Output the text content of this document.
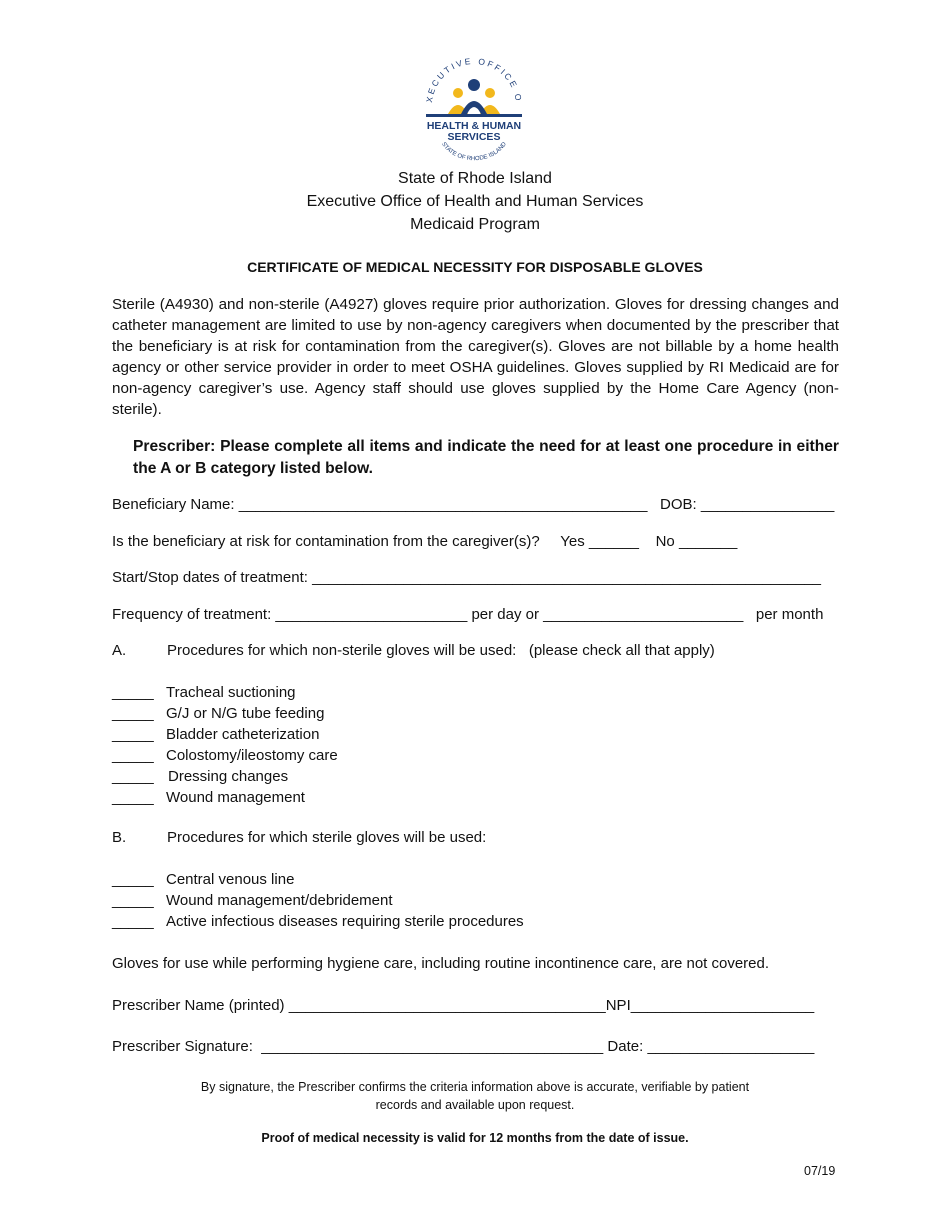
XECUTIVE OFFICE O
HEALTH & HUMAN
SERVICES
STATE OF RHODE ISLAND
State of Rhode Island
Executive Office of Health and Human Services
Medicaid Program
CERTIFICATE OF MEDICAL NECESSITY FOR DISPOSABLE GLOVES
Sterile (A4930) and non-sterile (A4927) gloves require prior authorization. Gloves for dressing changes and catheter management are limited to use by non-agency caregivers when documented by the prescriber that the beneficiary is at risk for contamination from the caregiver(s). Gloves are not billable by a home health agency or other service provider in order to meet OSHA guidelines. Gloves supplied by RI Medicaid are for non-agency caregiver’s use. Agency staff should use gloves supplied by the Home Care Agency (non-sterile).
Prescriber: Please complete all items and indicate the need for at least one procedure in either the A or B category listed below.
Beneficiary Name: _________________________________________________   DOB: ________________
Is the beneficiary at risk for contamination from the caregiver(s)?     Yes ______    No _______
Start/Stop dates of treatment: _____________________________________________________________
Frequency of treatment: _______________________ per day or ________________________   per month
A.	Procedures for which non-sterile gloves will be used:   (please check all that apply)
_____ Tracheal suctioning
_____ G/J or N/G tube feeding
_____ Bladder catheterization
_____ Colostomy/ileostomy care
_____ Dressing changes
_____ Wound management
B.	Procedures for which sterile gloves will be used:
_____ Central venous line
_____ Wound management/debridement
_____ Active infectious diseases requiring sterile procedures
Gloves for use while performing hygiene care, including routine incontinence care, are not covered.
Prescriber Name (printed) ______________________________________NPI______________________
Prescriber Signature:  _________________________________________ Date: ____________________
By signature, the Prescriber confirms the criteria information above is accurate, verifiable by patient
records and available upon request.
Proof of medical necessity is valid for 12 months from the date of issue.
07/19
